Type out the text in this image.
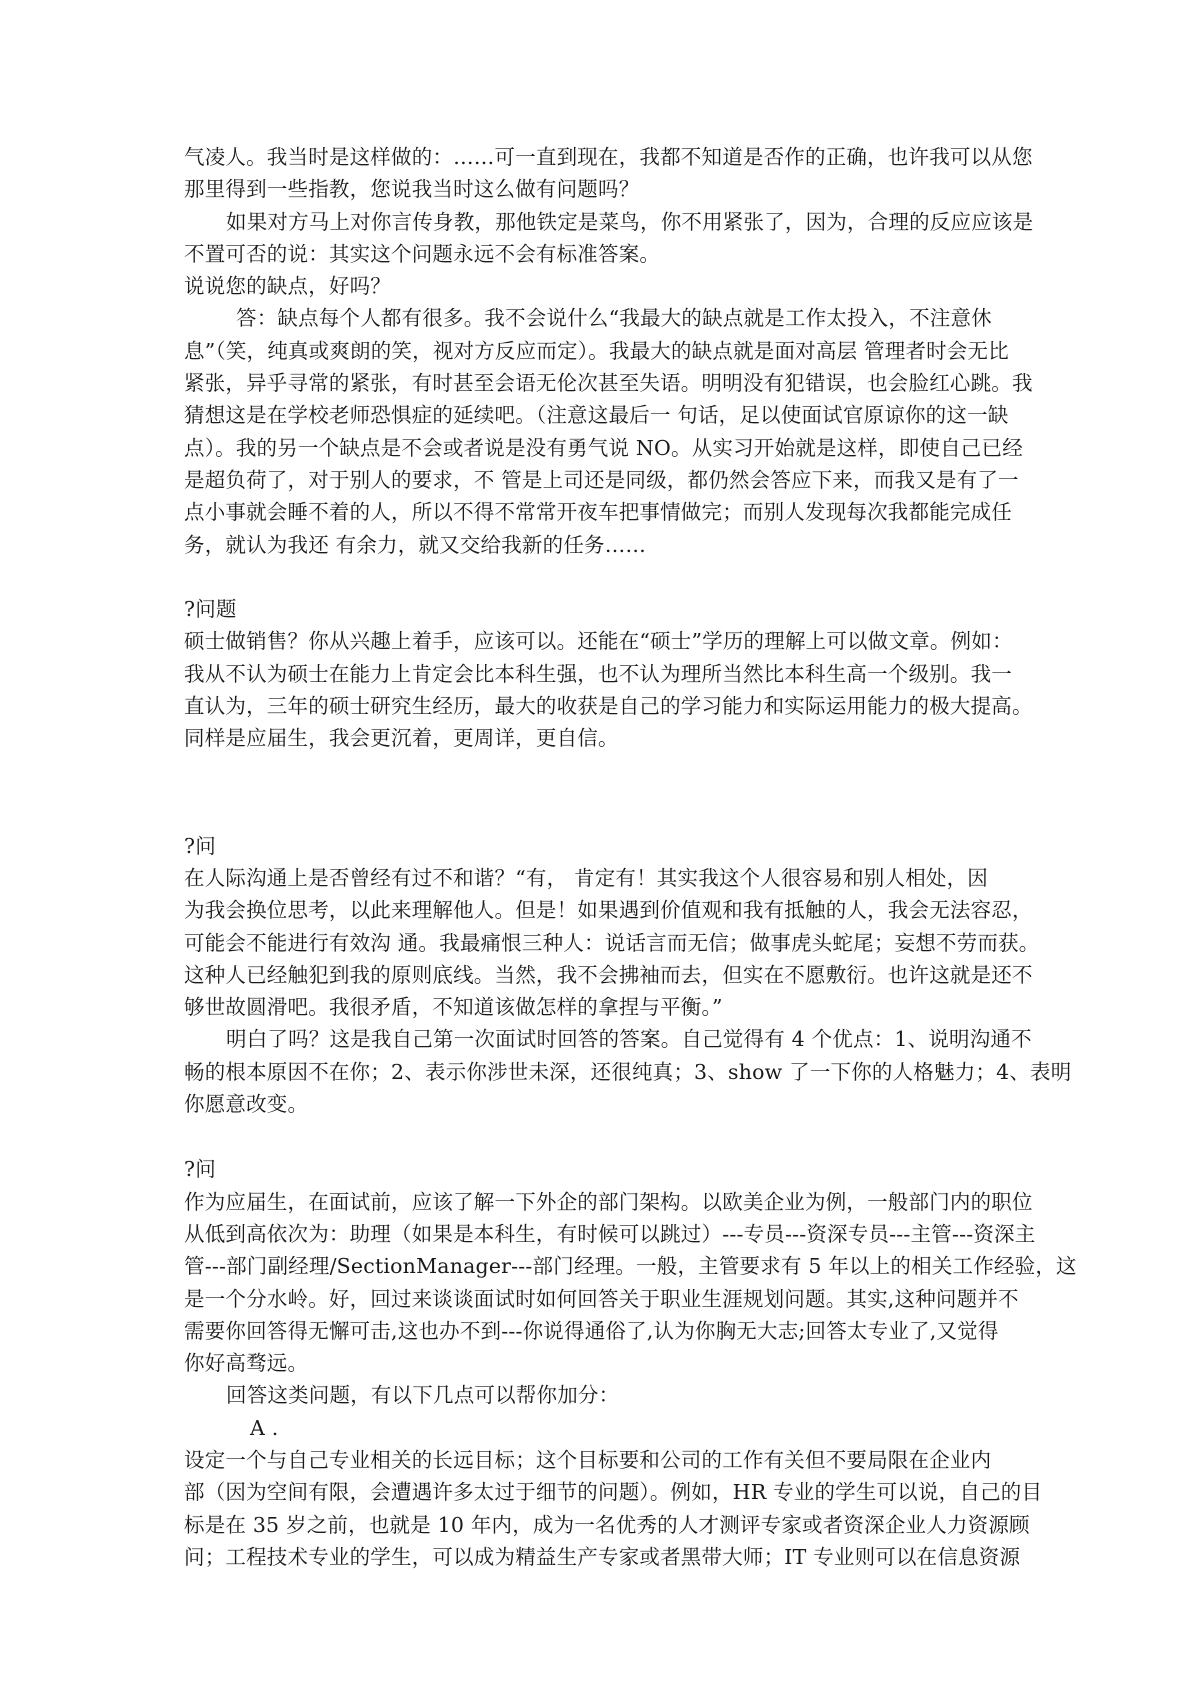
气凌人。我当时是这样做的：……可一直到现在，我都不知道是否作的正确，也许我可以从您
那里得到一些指教，您说我当时这么做有问题吗？
如果对方马上对你言传身教，那他铁定是菜鸟，你不用紧张了，因为，合理的反应应该是
不置可否的说：其实这个问题永远不会有标准答案。
说说您的缺点，好吗？
答：缺点每个人都有很多。我不会说什么“我最大的缺点就是工作太投入，不注意休
息”（笑，纯真或爽朗的笑，视对方反应而定）。我最大的缺点就是面对高层 管理者时会无比
紧张，异乎寻常的紧张，有时甚至会语无伦次甚至失语。明明没有犯错误，也会脸红心跳。我
猜想这是在学校老师恐惧症的延续吧。（注意这最后一 句话，足以使面试官原谅你的这一缺
点）。我的另一个缺点是不会或者说是没有勇气说 NO。从实习开始就是这样，即使自己已经
是超负荷了，对于别人的要求，不 管是上司还是同级，都仍然会答应下来，而我又是有了一
点小事就会睡不着的人，所以不得不常常开夜车把事情做完；而别人发现每次我都能完成任
务，就认为我还 有余力，就又交给我新的任务……
?问题
硕士做销售？你从兴趣上着手，应该可以。还能在“硕士”学历的理解上可以做文章。例如：
我从不认为硕士在能力上肯定会比本科生强，也不认为理所当然比本科生高一个级别。我一
直认为，三年的硕士研究生经历，最大的收获是自己的学习能力和实际运用能力的极大提高。
同样是应届生，我会更沉着，更周详，更自信。
?问
在人际沟通上是否曾经有过不和谐？“有， 肯定有！其实我这个人很容易和别人相处，因
为我会换位思考，以此来理解他人。但是！如果遇到价值观和我有抵触的人，我会无法容忍，
可能会不能进行有效沟 通。我最痛恨三种人：说话言而无信；做事虎头蛇尾；妄想不劳而获。
这种人已经触犯到我的原则底线。当然，我不会拂袖而去，但实在不愿敷衍。也许这就是还不
够世故圆滑吧。我很矛盾，不知道该做怎样的拿捏与平衡。”
明白了吗？这是我自己第一次面试时回答的答案。自己觉得有 4 个优点：1、说明沟通不
畅的根本原因不在你；2、表示你涉世未深，还很纯真；3、show 了一下你的人格魅力；4、表明
你愿意改变。
?问
作为应届生，在面试前，应该了解一下外企的部门架构。以欧美企业为例，一般部门内的职位
从低到高依次为：助理（如果是本科生，有时候可以跳过）---专员---资深专员---主管---资深主
管---部门副经理/SectionManager---部门经理。一般，主管要求有 5 年以上的相关工作经验，这
是一个分水岭。好，回过来谈谈面试时如何回答关于职业生涯规划问题。其实,这种问题并不
需要你回答得无懈可击,这也办不到---你说得通俗了,认为你胸无大志;回答太专业了,又觉得
你好高骛远。
回答这类问题，有以下几点可以帮你加分：
A .
设定一个与自己专业相关的长远目标；这个目标要和公司的工作有关但不要局限在企业内
部（因为空间有限，会遭遇许多太过于细节的问题）。例如，HR 专业的学生可以说，自己的目
标是在 35 岁之前，也就是 10 年内，成为一名优秀的人才测评专家或者资深企业人力资源顾
问；工程技术专业的学生，可以成为精益生产专家或者黑带大师；IT 专业则可以在信息资源
